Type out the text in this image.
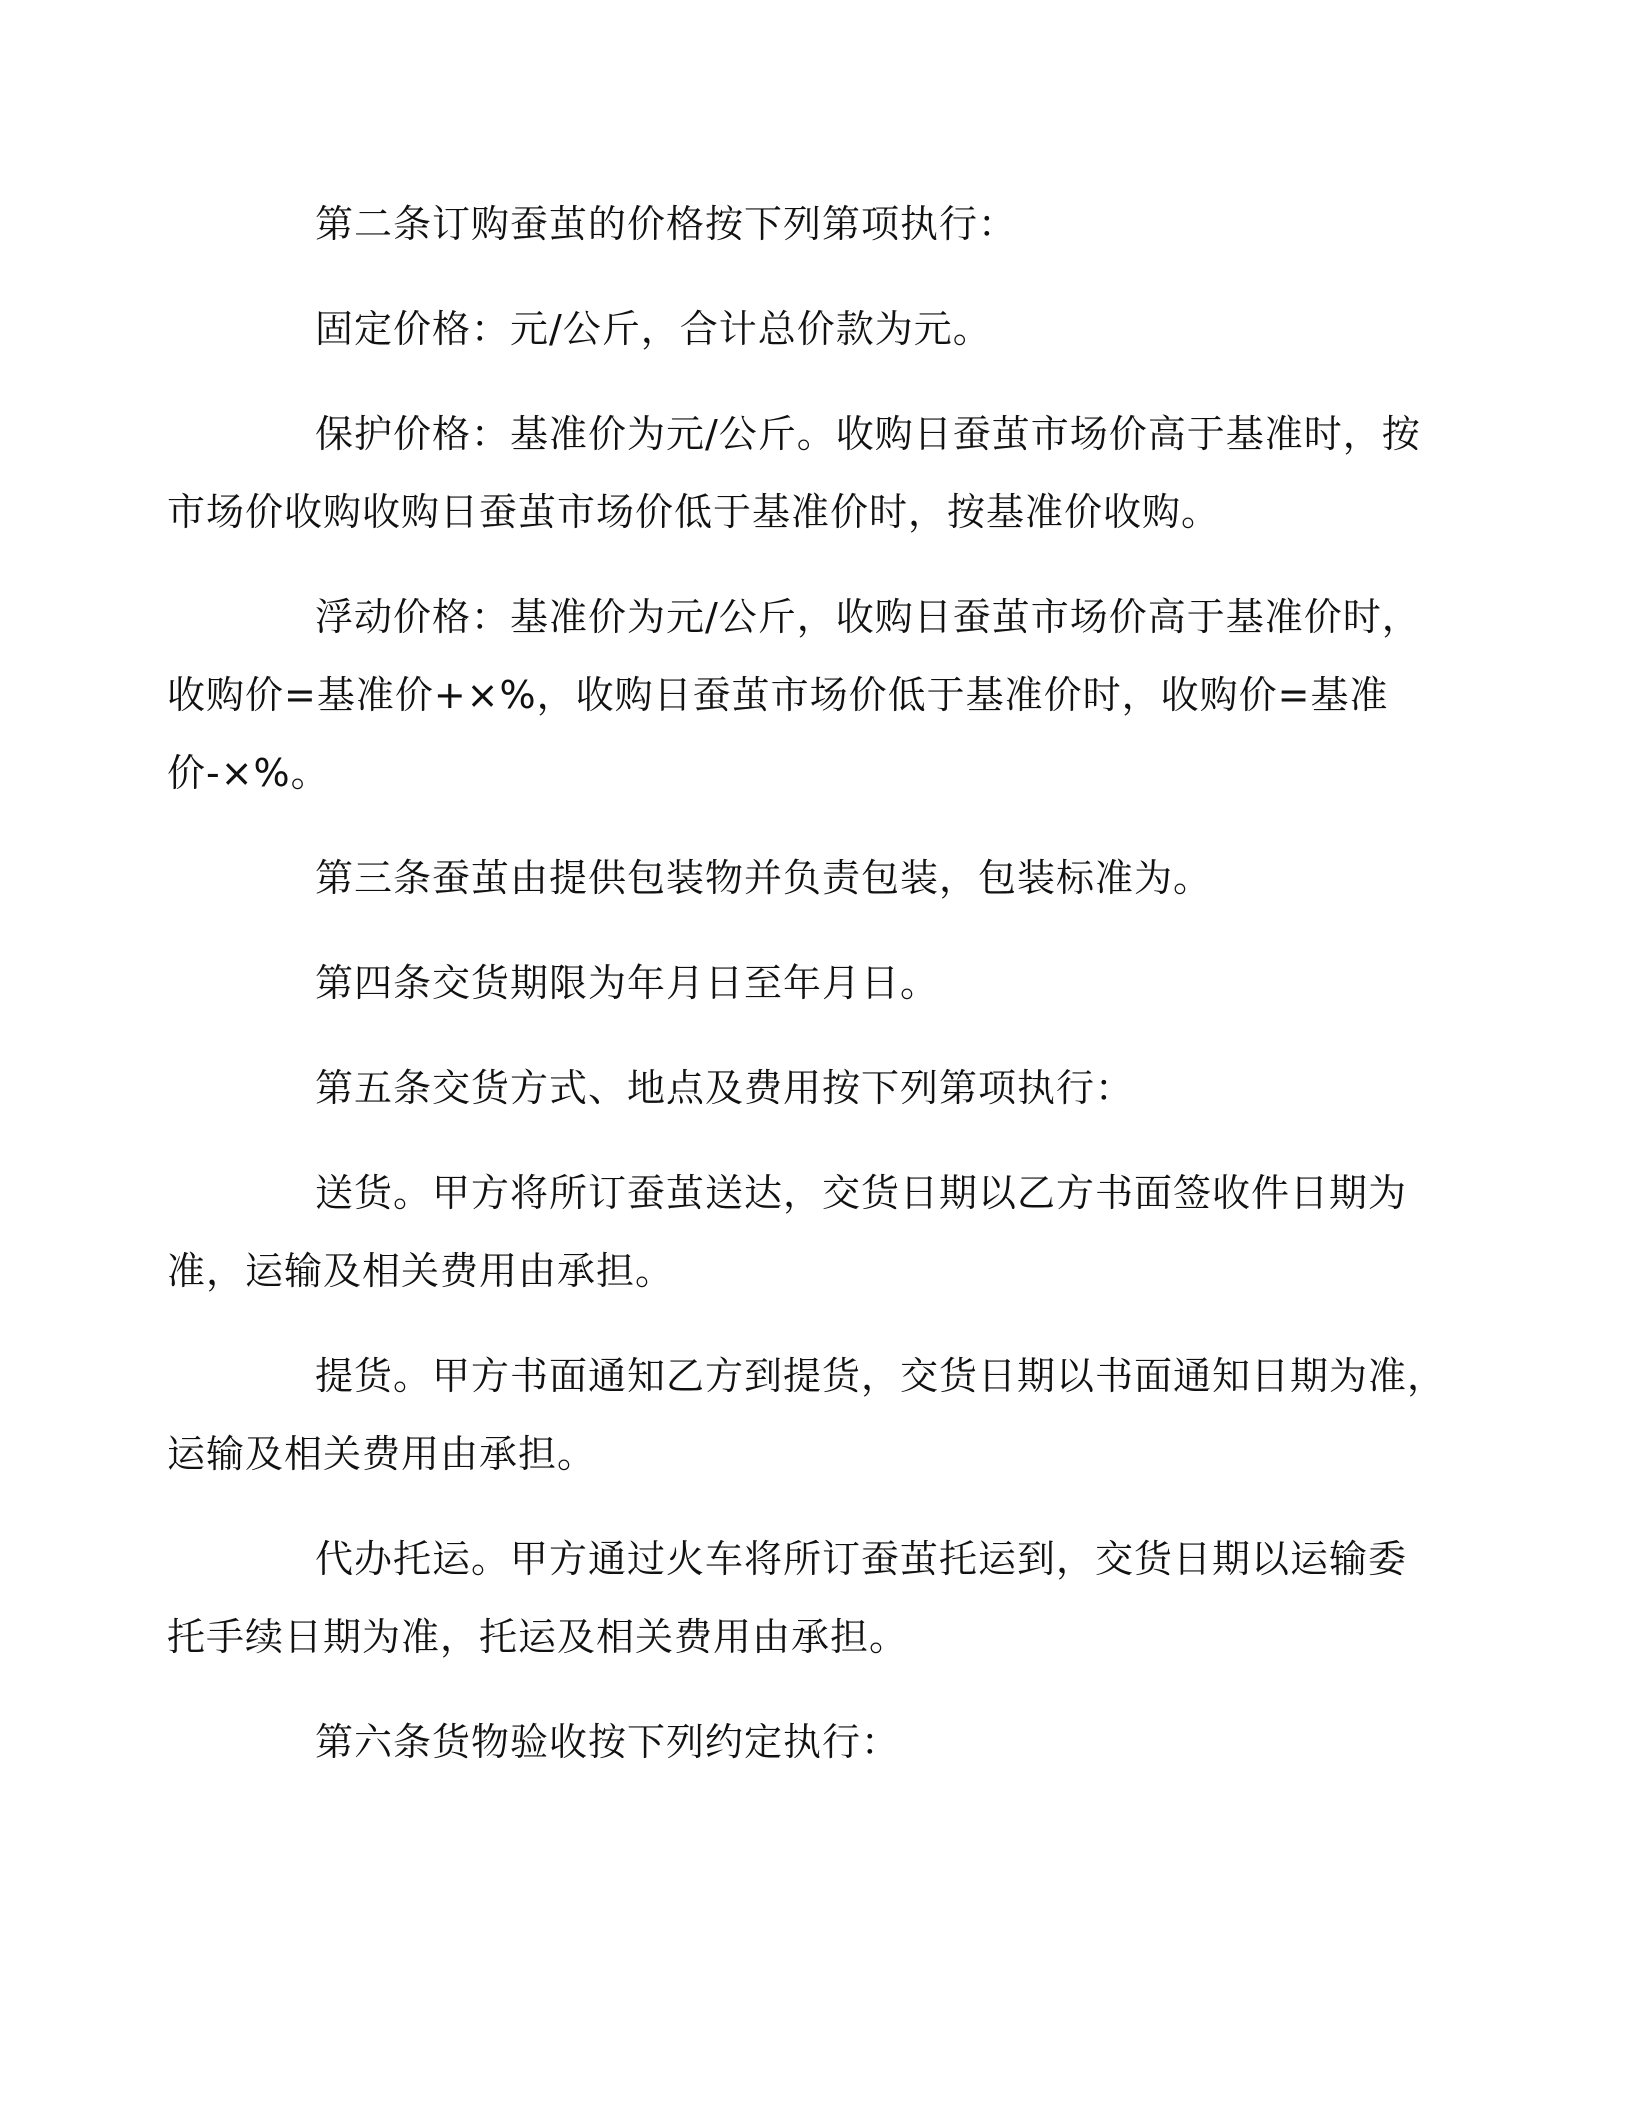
第二条订购蚕茧的价格按下列第项执行：

固定价格：元/公斤，合计总价款为元。

保护价格：基准价为元/公斤。收购日蚕茧市场价高于基准时，按
市场价收购收购日蚕茧市场价低于基准价时，按基准价收购。

浮动价格：基准价为元/公斤，收购日蚕茧市场价高于基准价时，
收购价=基准价+×%，收购日蚕茧市场价低于基准价时，收购价=基准
价-×%。

第三条蚕茧由提供包装物并负责包装，包装标准为。

第四条交货期限为年月日至年月日。

第五条交货方式、地点及费用按下列第项执行：

送货。甲方将所订蚕茧送达，交货日期以乙方书面签收件日期为
准，运输及相关费用由承担。

提货。甲方书面通知乙方到提货，交货日期以书面通知日期为准，
运输及相关费用由承担。

代办托运。甲方通过火车将所订蚕茧托运到，交货日期以运输委
托手续日期为准，托运及相关费用由承担。

第六条货物验收按下列约定执行：
